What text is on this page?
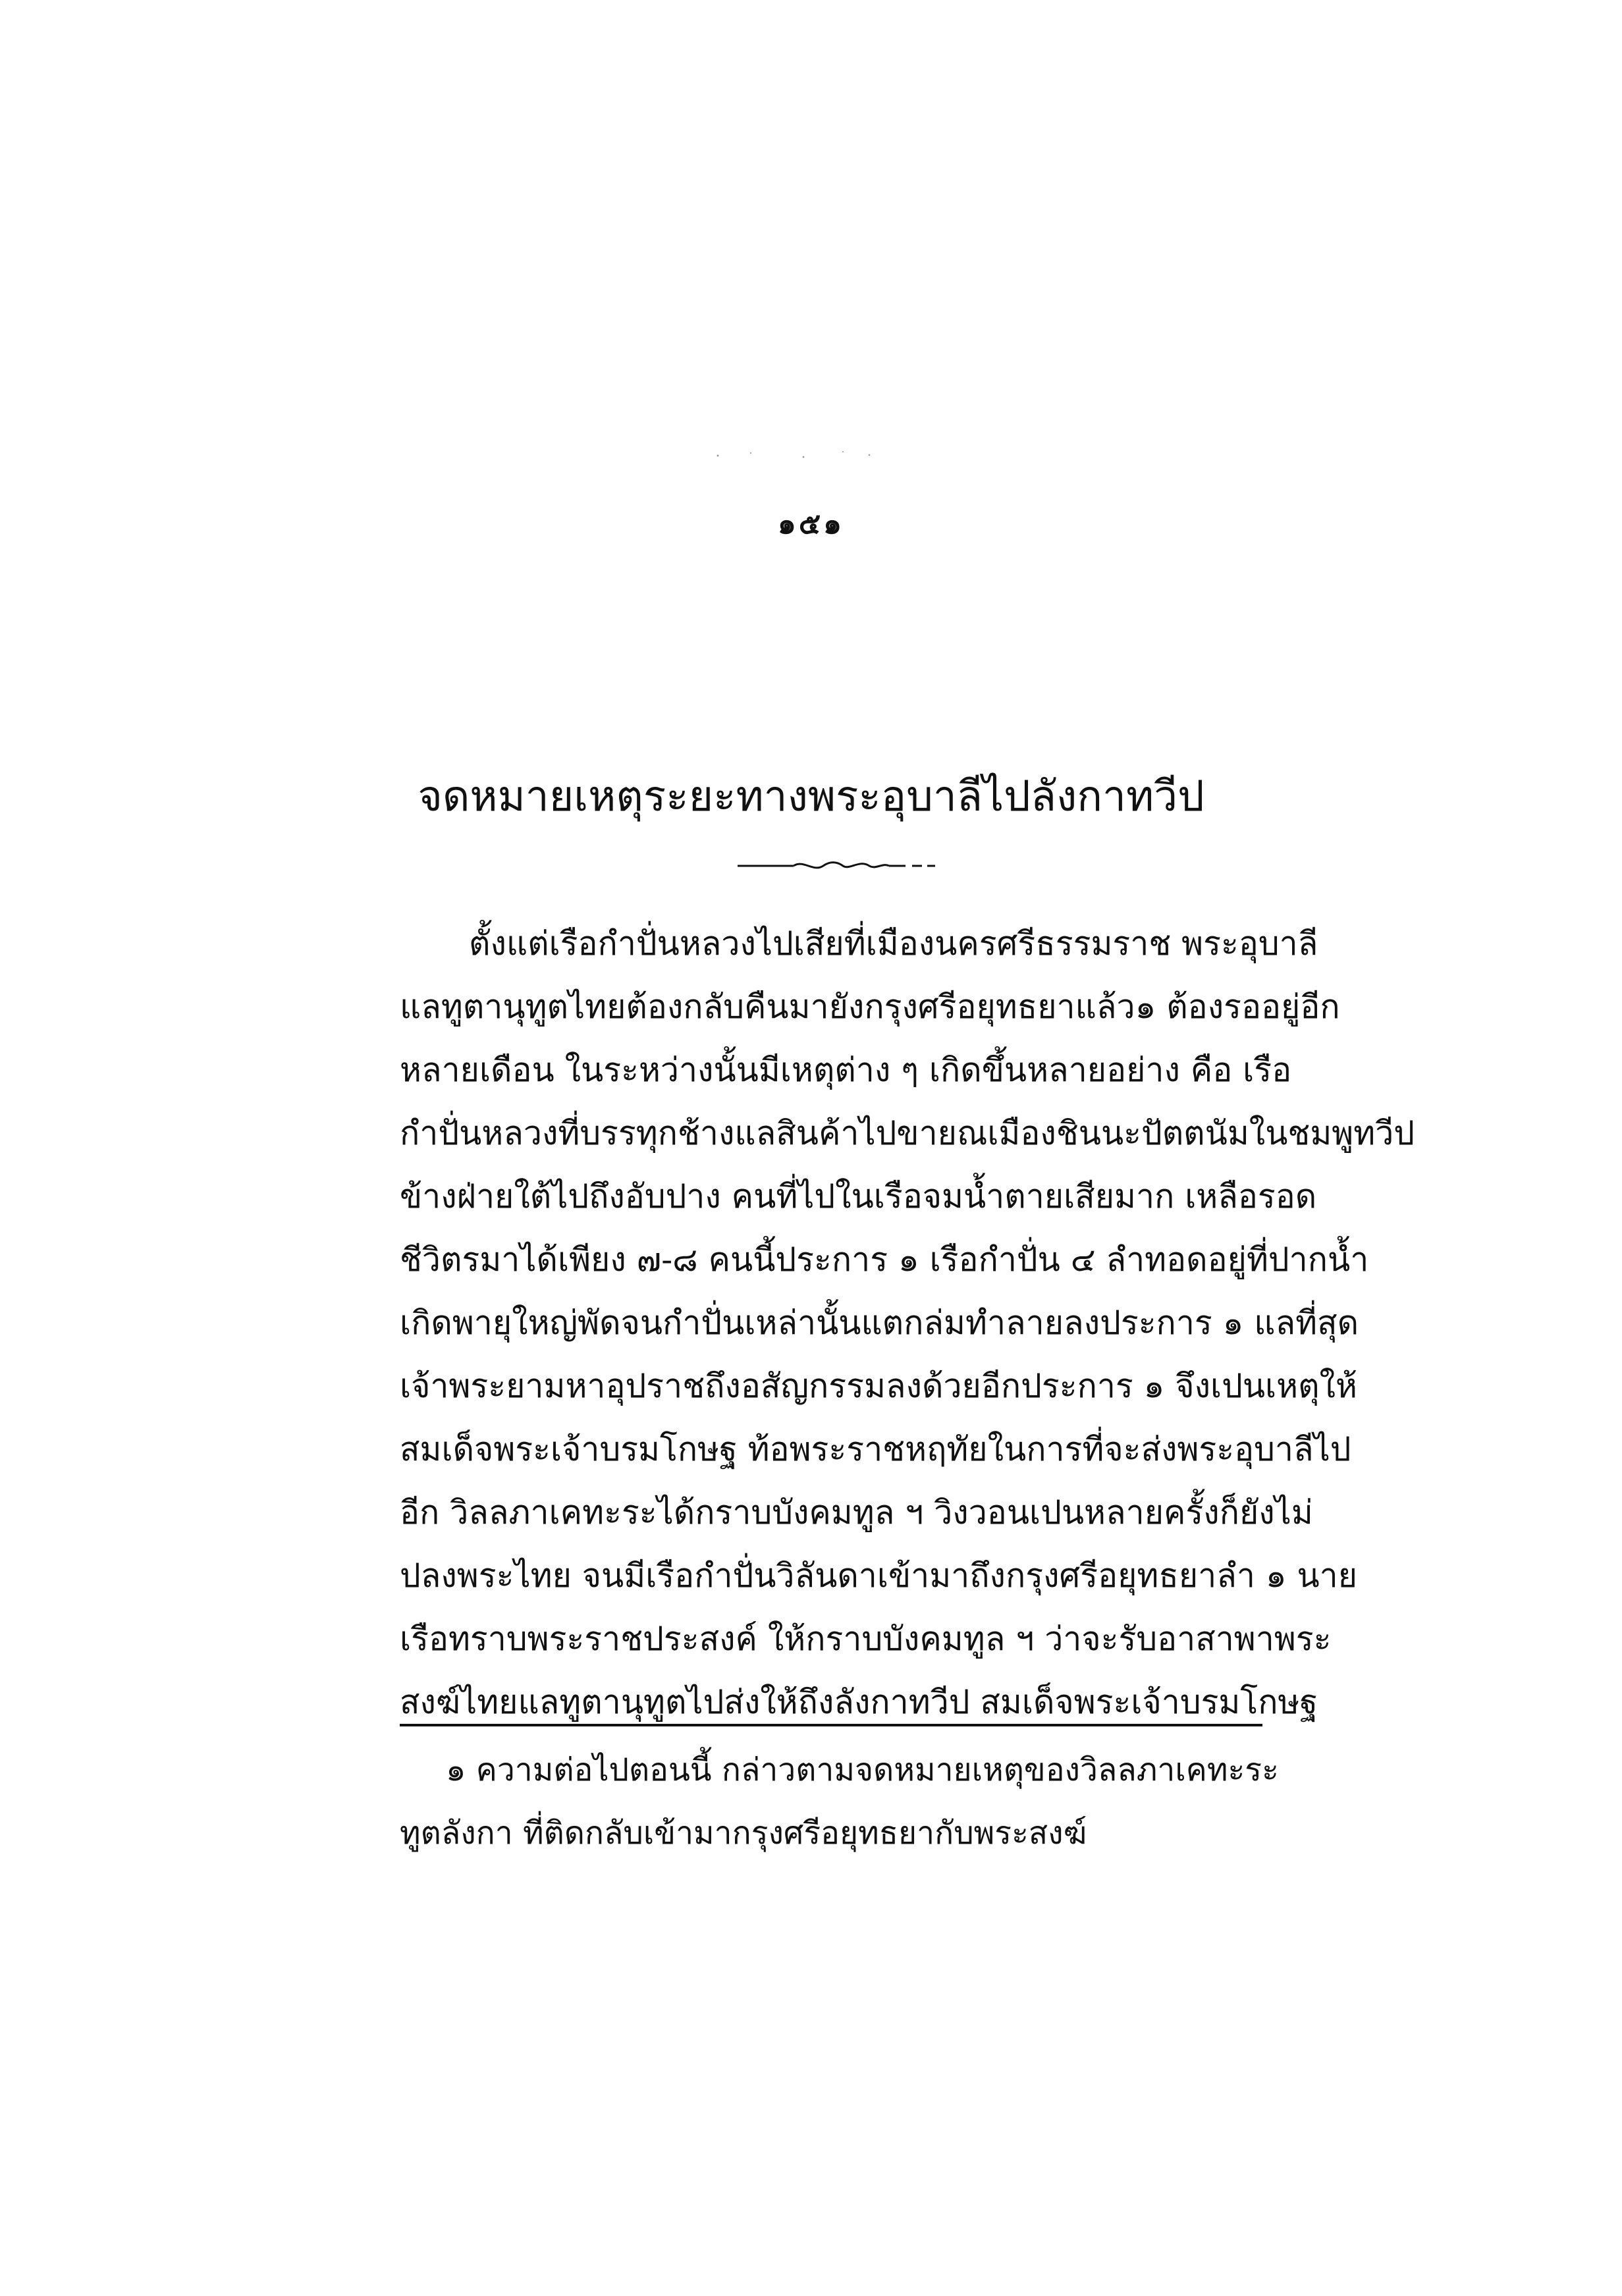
๑๕๑
จดหมายเหตุระยะทางพระอุบาลีไปลังกาทวีป
ตั้งแต่เรือกำปั่นหลวงไปเสียที่เมืองนครศรีธรรมราช พระอุบาลี
แลทูตานุทูตไทยต้องกลับคืนมายังกรุงศรีอยุทธยาแล้ว๑ ต้องรออยู่อีก
หลายเดือน ในระหว่างนั้นมีเหตุต่าง ๆ เกิดขึ้นหลายอย่าง คือ เรือ
กำปั่นหลวงที่บรรทุกช้างแลสินค้าไปขายณเมืองชินนะปัตตนัมในชมพูทวีป
ข้างฝ่ายใต้ไปถึงอับปาง คนที่ไปในเรือจมน้ำตายเสียมาก เหลือรอด
ชีวิตรมาได้เพียง ๗-๘ คนนี้ประการ ๑ เรือกำปั่น ๔ ลำทอดอยู่ที่ปากน้ำ
เกิดพายุใหญ่พัดจนกำปั่นเหล่านั้นแตกล่มทำลายลงประการ ๑ แลที่สุด
เจ้าพระยามหาอุปราชถึงอสัญกรรมลงด้วยอีกประการ ๑ จึงเปนเหตุให้
สมเด็จพระเจ้าบรมโกษฐ ท้อพระราชหฤทัยในการที่จะส่งพระอุบาลีไป
อีก วิลลภาเคทะระได้กราบบังคมทูล ฯ วิงวอนเปนหลายครั้งก็ยังไม่
ปลงพระไทย จนมีเรือกำปั่นวิลันดาเข้ามาถึงกรุงศรีอยุทธยาลำ ๑ นาย
เรือทราบพระราชประสงค์ ให้กราบบังคมทูล ฯ ว่าจะรับอาสาพาพระ
สงฆ์ไทยแลทูตานุทูตไปส่งให้ถึงลังกาทวีป สมเด็จพระเจ้าบรมโกษฐ
๑ ความต่อไปตอนนี้ กล่าวตามจดหมายเหตุของวิลลภาเคทะระ
ทูตลังกา ที่ติดกลับเข้ามากรุงศรีอยุทธยากับพระสงฆ์
